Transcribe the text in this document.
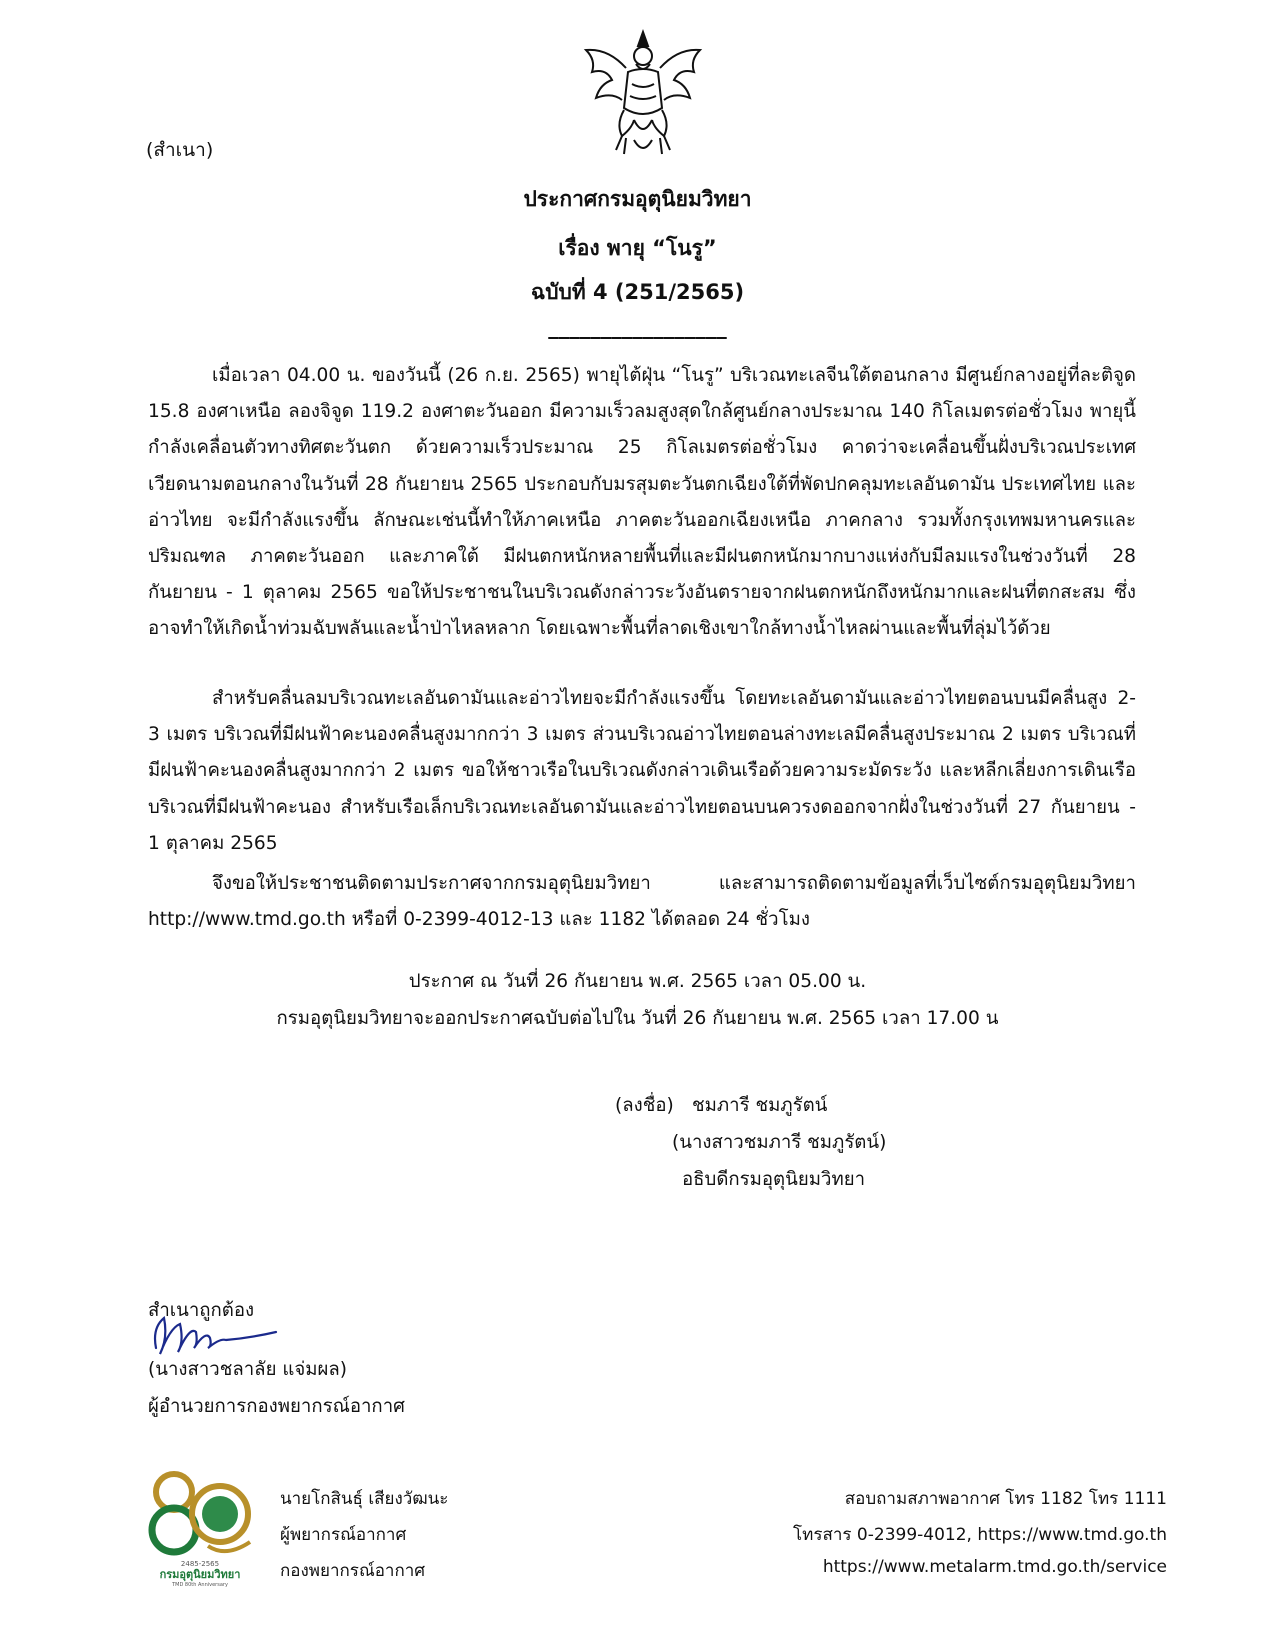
(สำเนา)
ประกาศกรมอุตุนิยมวิทยา
เรื่อง พายุ “โนรู”
ฉบับที่ 4 (251/2565)
_________________

เมื่อเวลา 04.00 น. ของวันนี้ (26 ก.ย. 2565) พายุไต้ฝุ่น “โนรู” บริเวณทะเลจีนใต้ตอนกลาง มีศูนย์กลางอยู่ที่ละติจูด 15.8 องศาเหนือ ลองจิจูด 119.2 องศาตะวันออก มีความเร็วลมสูงสุดใกล้ศูนย์กลางประมาณ 140 กิโลเมตรต่อชั่วโมง พายุนี้กำลังเคลื่อนตัวทางทิศตะวันตก ด้วยความเร็วประมาณ 25 กิโลเมตรต่อชั่วโมง คาดว่าจะเคลื่อนขึ้นฝั่งบริเวณประเทศเวียดนามตอนกลางในวันที่ 28 กันยายน 2565 ประกอบกับมรสุมตะวันตกเฉียงใต้ที่พัดปกคลุมทะเลอันดามัน ประเทศไทย และอ่าวไทย จะมีกำลังแรงขึ้น ลักษณะเช่นนี้ทำให้ภาคเหนือ ภาคตะวันออกเฉียงเหนือ ภาคกลาง รวมทั้งกรุงเทพมหานครและปริมณฑล ภาคตะวันออก และภาคใต้ มีฝนตกหนักหลายพื้นที่และมีฝนตกหนักมากบางแห่งกับมีลมแรงในช่วงวันที่ 28 กันยายน - 1 ตุลาคม 2565 ขอให้ประชาชนในบริเวณดังกล่าวระวังอันตรายจากฝนตกหนักถึงหนักมากและฝนที่ตกสะสม ซึ่งอาจทำให้เกิดน้ำท่วมฉับพลันและน้ำป่าไหลหลาก โดยเฉพาะพื้นที่ลาดเชิงเขาใกล้ทางน้ำไหลผ่านและพื้นที่ลุ่มไว้ด้วย

สำหรับคลื่นลมบริเวณทะเลอันดามันและอ่าวไทยจะมีกำลังแรงขึ้น โดยทะเลอันดามันและอ่าวไทยตอนบนมีคลื่นสูง 2-3 เมตร บริเวณที่มีฝนฟ้าคะนองคลื่นสูงมากกว่า 3 เมตร ส่วนบริเวณอ่าวไทยตอนล่างทะเลมีคลื่นสูงประมาณ 2 เมตร บริเวณที่มีฝนฟ้าคะนองคลื่นสูงมากกว่า 2 เมตร ขอให้ชาวเรือในบริเวณดังกล่าวเดินเรือด้วยความระมัดระวัง และหลีกเลี่ยงการเดินเรือบริเวณที่มีฝนฟ้าคะนอง สำหรับเรือเล็กบริเวณทะเลอันดามันและอ่าวไทยตอนบนควรงดออกจากฝั่งในช่วงวันที่ 27 กันยายน - 1 ตุลาคม 2565

จึงขอให้ประชาชนติดตามประกาศจากกรมอุตุนิยมวิทยา และสามารถติดตามข้อมูลที่เว็บไซต์กรมอุตุนิยมวิทยา http://www.tmd.go.th หรือที่ 0-2399-4012-13 และ 1182 ได้ตลอด 24 ชั่วโมง

ประกาศ ณ วันที่ 26 กันยายน พ.ศ. 2565 เวลา 05.00 น.
กรมอุตุนิยมวิทยาจะออกประกาศฉบับต่อไปใน วันที่ 26 กันยายน พ.ศ. 2565 เวลา 17.00 น
(ลงชื่อ) ชมภารี ชมภูรัตน์
(นางสาวชมภารี ชมภูรัตน์)
อธิบดีกรมอุตุนิยมวิทยา
สำเนาถูกต้อง
(นางสาวชลาลัย แจ่มผล)
ผู้อำนวยการกองพยากรณ์อากาศ
2485-2565
กรมอุตุนิยมวิทยา
TMD 80th Anniversary
นายโกสินธุ์ เสียงวัฒนะ
ผู้พยากรณ์อากาศ
กองพยากรณ์อากาศ
สอบถามสภาพอากาศ โทร 1182 โทร 1111
โทรสาร 0-2399-4012, https://www.tmd.go.th
https://www.metalarm.tmd.go.th/service
